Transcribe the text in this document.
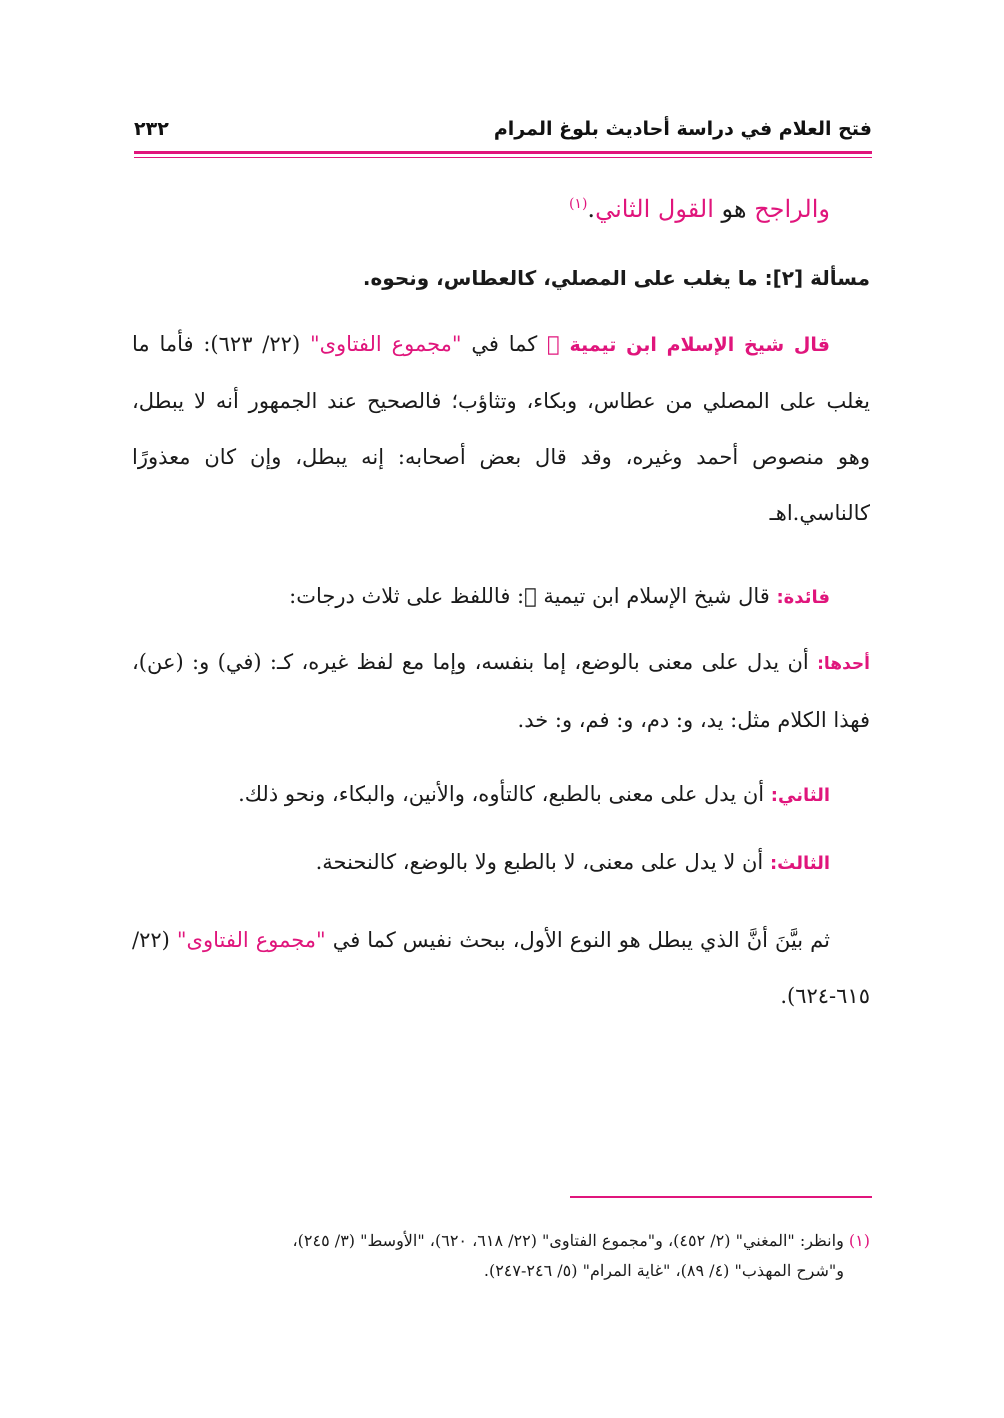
فتح العلام في دراسة أحاديث بلوغ المرام
٢٣٢
والراجح هو القول الثاني.$^{(١)}$
مسألة [٢]: ما يغلب على المصلي، كالعطاس، ونحوه.
قال شيخ الإسلام ابن تيمية ﷫ كما في "مجموع الفتاوى" (٢٢/ ٦٢٣): فأما ما يغلب على المصلي من عطاس، وبكاء، وتثاؤب؛ فالصحيح عند الجمهور أنه لا يبطل، وهو منصوص أحمد وغيره، وقد قال بعض أصحابه: إنه يبطل، وإن كان معذورًا كالناسي.اهـ
فائدة: قال شيخ الإسلام ابن تيمية ﷫: فاللفظ على ثلاث درجات:
أحدها: أن يدل على معنى بالوضع، إما بنفسه، وإما مع لفظ غيره، كـ: (في) و: (عن)، فهذا الكلام مثل: يد، و: دم، و: فم، و: خد.
الثاني: أن يدل على معنى بالطبع، كالتأوه، والأنين، والبكاء، ونحو ذلك.
الثالث: أن لا يدل على معنى، لا بالطبع ولا بالوضع، كالنحنحة.
ثم بيَّنَ أنَّ الذي يبطل هو النوع الأول، ببحث نفيس كما في "مجموع الفتاوى" (٢٢/ ٦١٥-٦٢٤).
(١) وانظر: "المغني" (٢/ ٤٥٢)، و"مجموع الفتاوى" (٢٢/ ٦١٨، ٦٢٠)، "الأوسط" (٣/ ٢٤٥)،
و"شرح المهذب" (٤/ ٨٩)، "غاية المرام" (٥/ ٢٤٦-٢٤٧).
